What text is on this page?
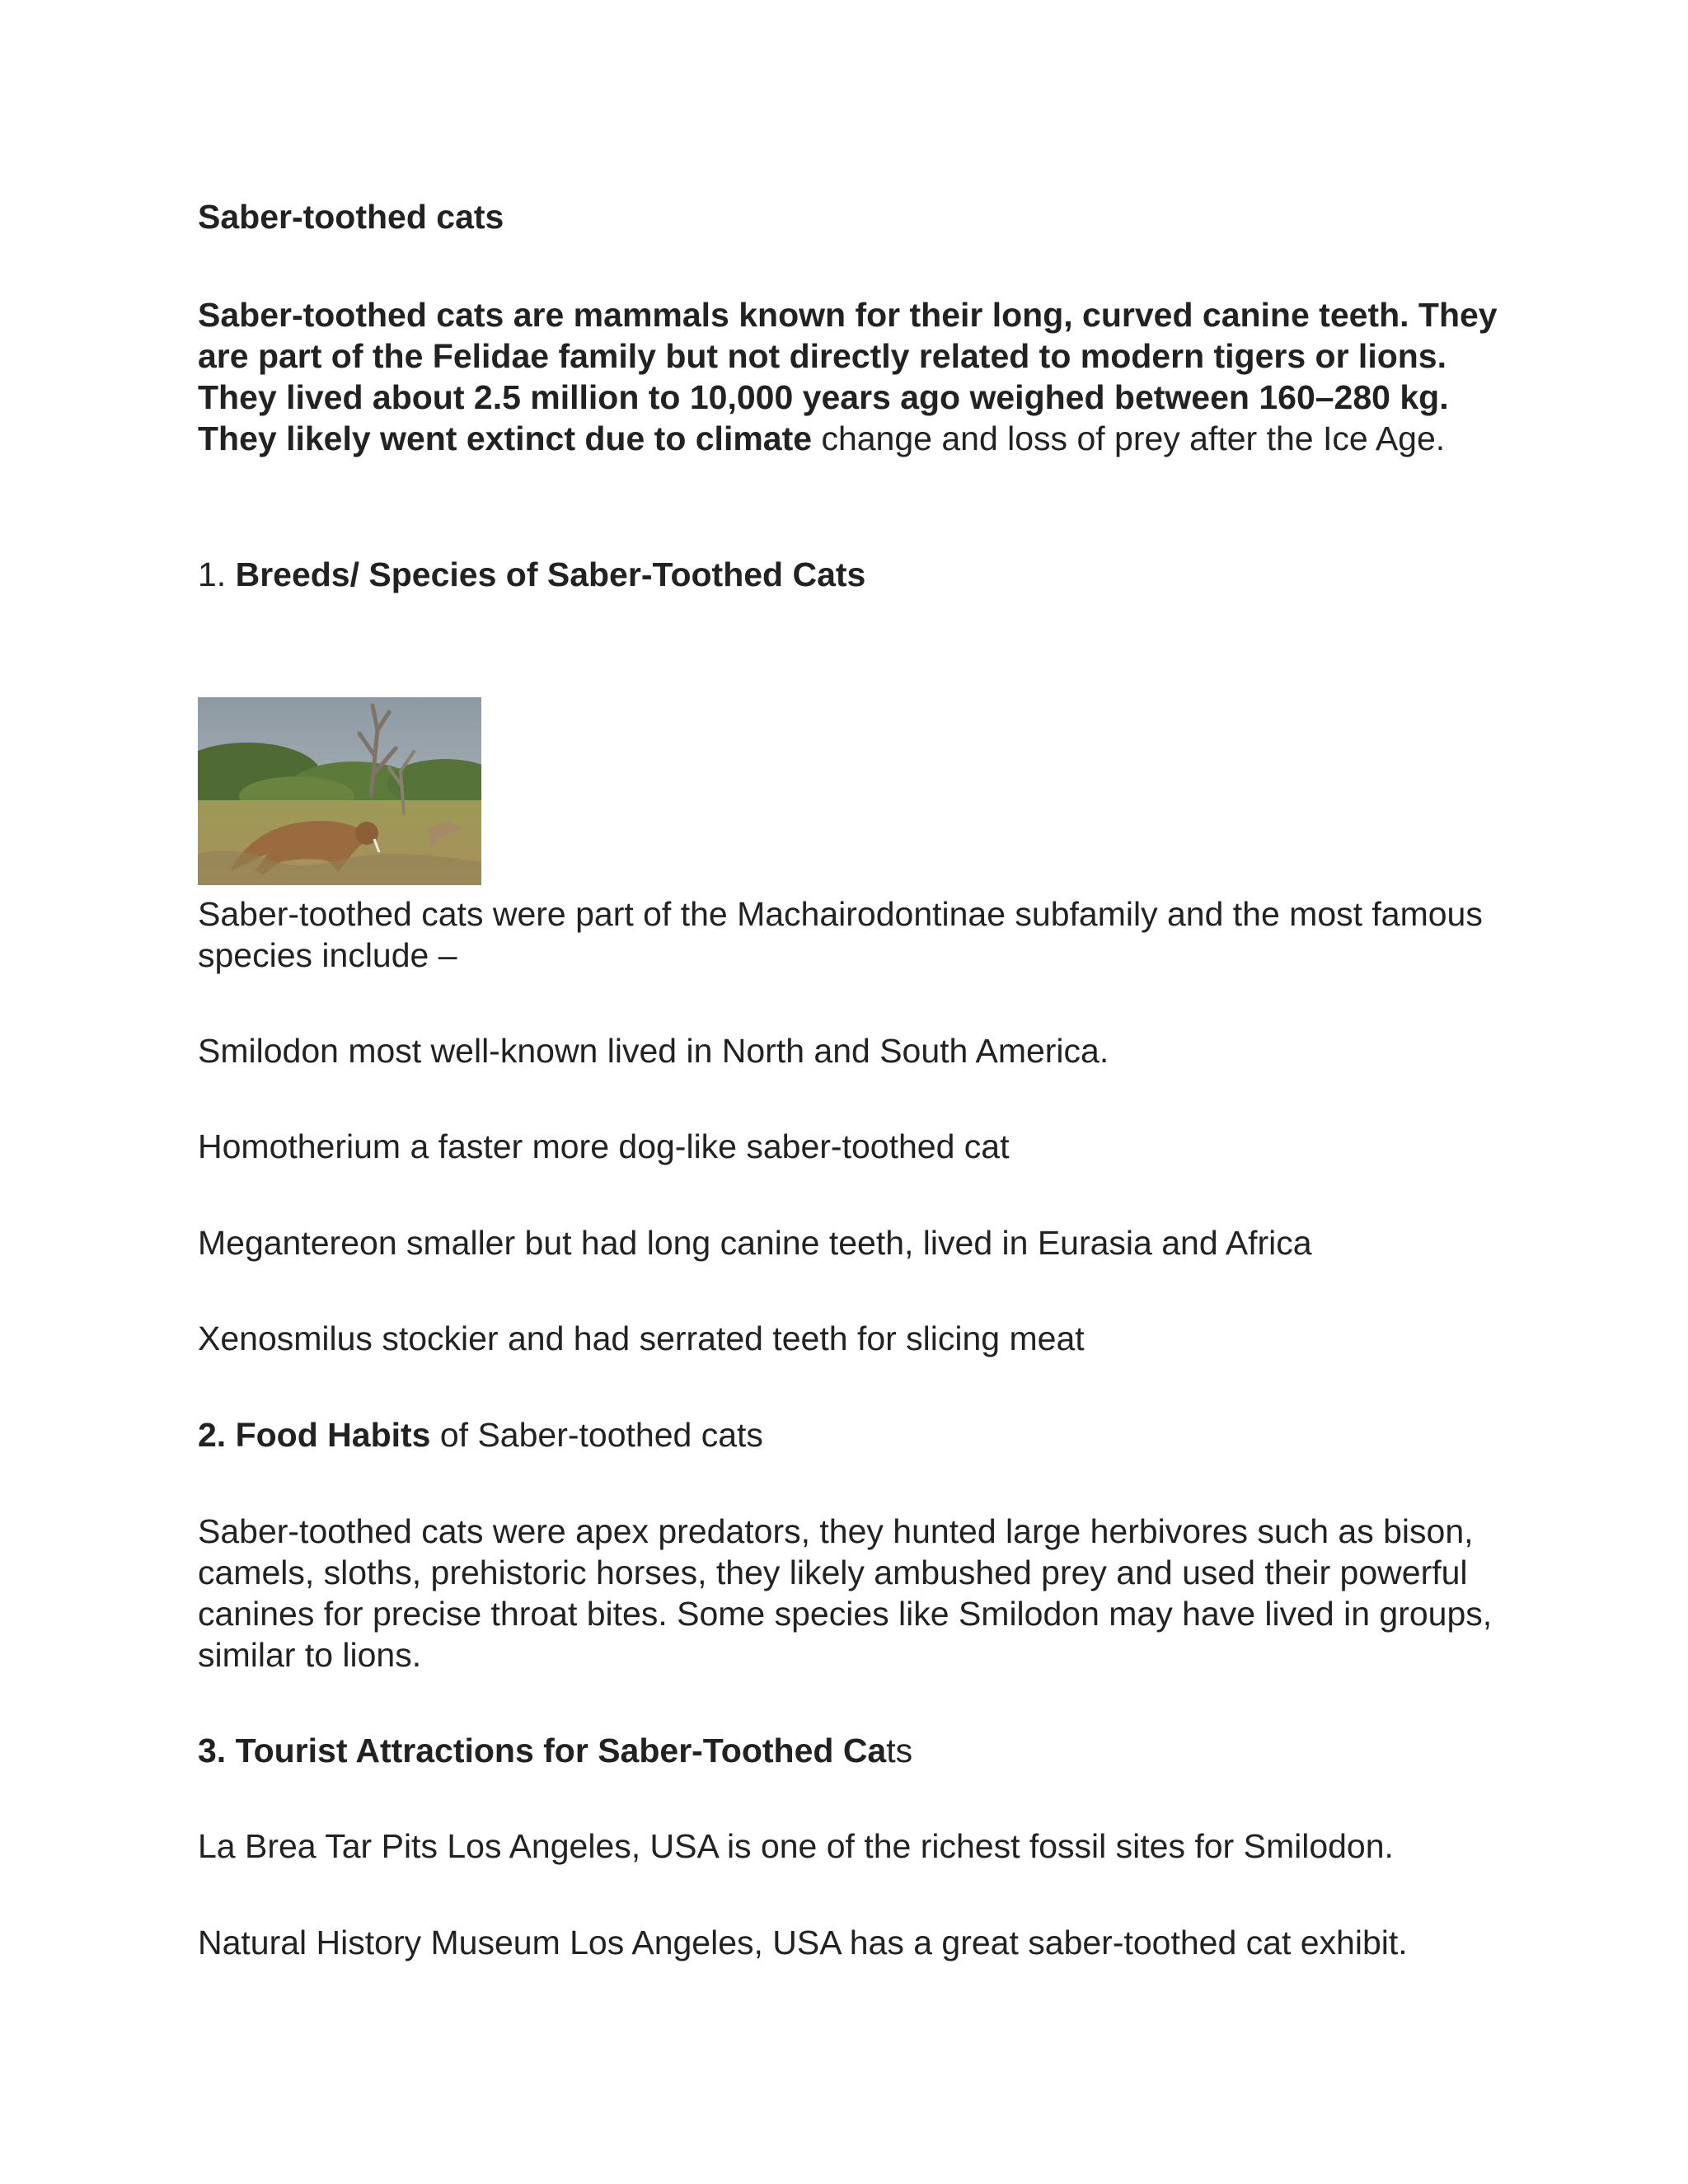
Saber-toothed cats

Saber-toothed cats are mammals known for their long, curved canine teeth. They are part of the Felidae family but not directly related to modern tigers or lions. They lived about 2.5 million to 10,000 years ago weighed between 160–280 kg. They likely went extinct due to climate change and loss of prey after the Ice Age.

1. Breeds/ Species of Saber-Toothed Cats

Saber-toothed cats were part of the Machairodontinae subfamily and the most famous species include –

Smilodon most well-known lived in North and South America.

Homotherium a faster more dog-like saber-toothed cat

Megantereon smaller but had long canine teeth, lived in Eurasia and Africa

Xenosmilus stockier and had serrated teeth for slicing meat

2. Food Habits of Saber-toothed cats

Saber-toothed cats were apex predators, they hunted large herbivores such as bison, camels, sloths, prehistoric horses, they likely ambushed prey and used their powerful canines for precise throat bites. Some species like Smilodon may have lived in groups, similar to lions.

3. Tourist Attractions for Saber-Toothed Cats

La Brea Tar Pits Los Angeles, USA is one of the richest fossil sites for Smilodon.

Natural History Museum Los Angeles, USA has a great saber-toothed cat exhibit.
